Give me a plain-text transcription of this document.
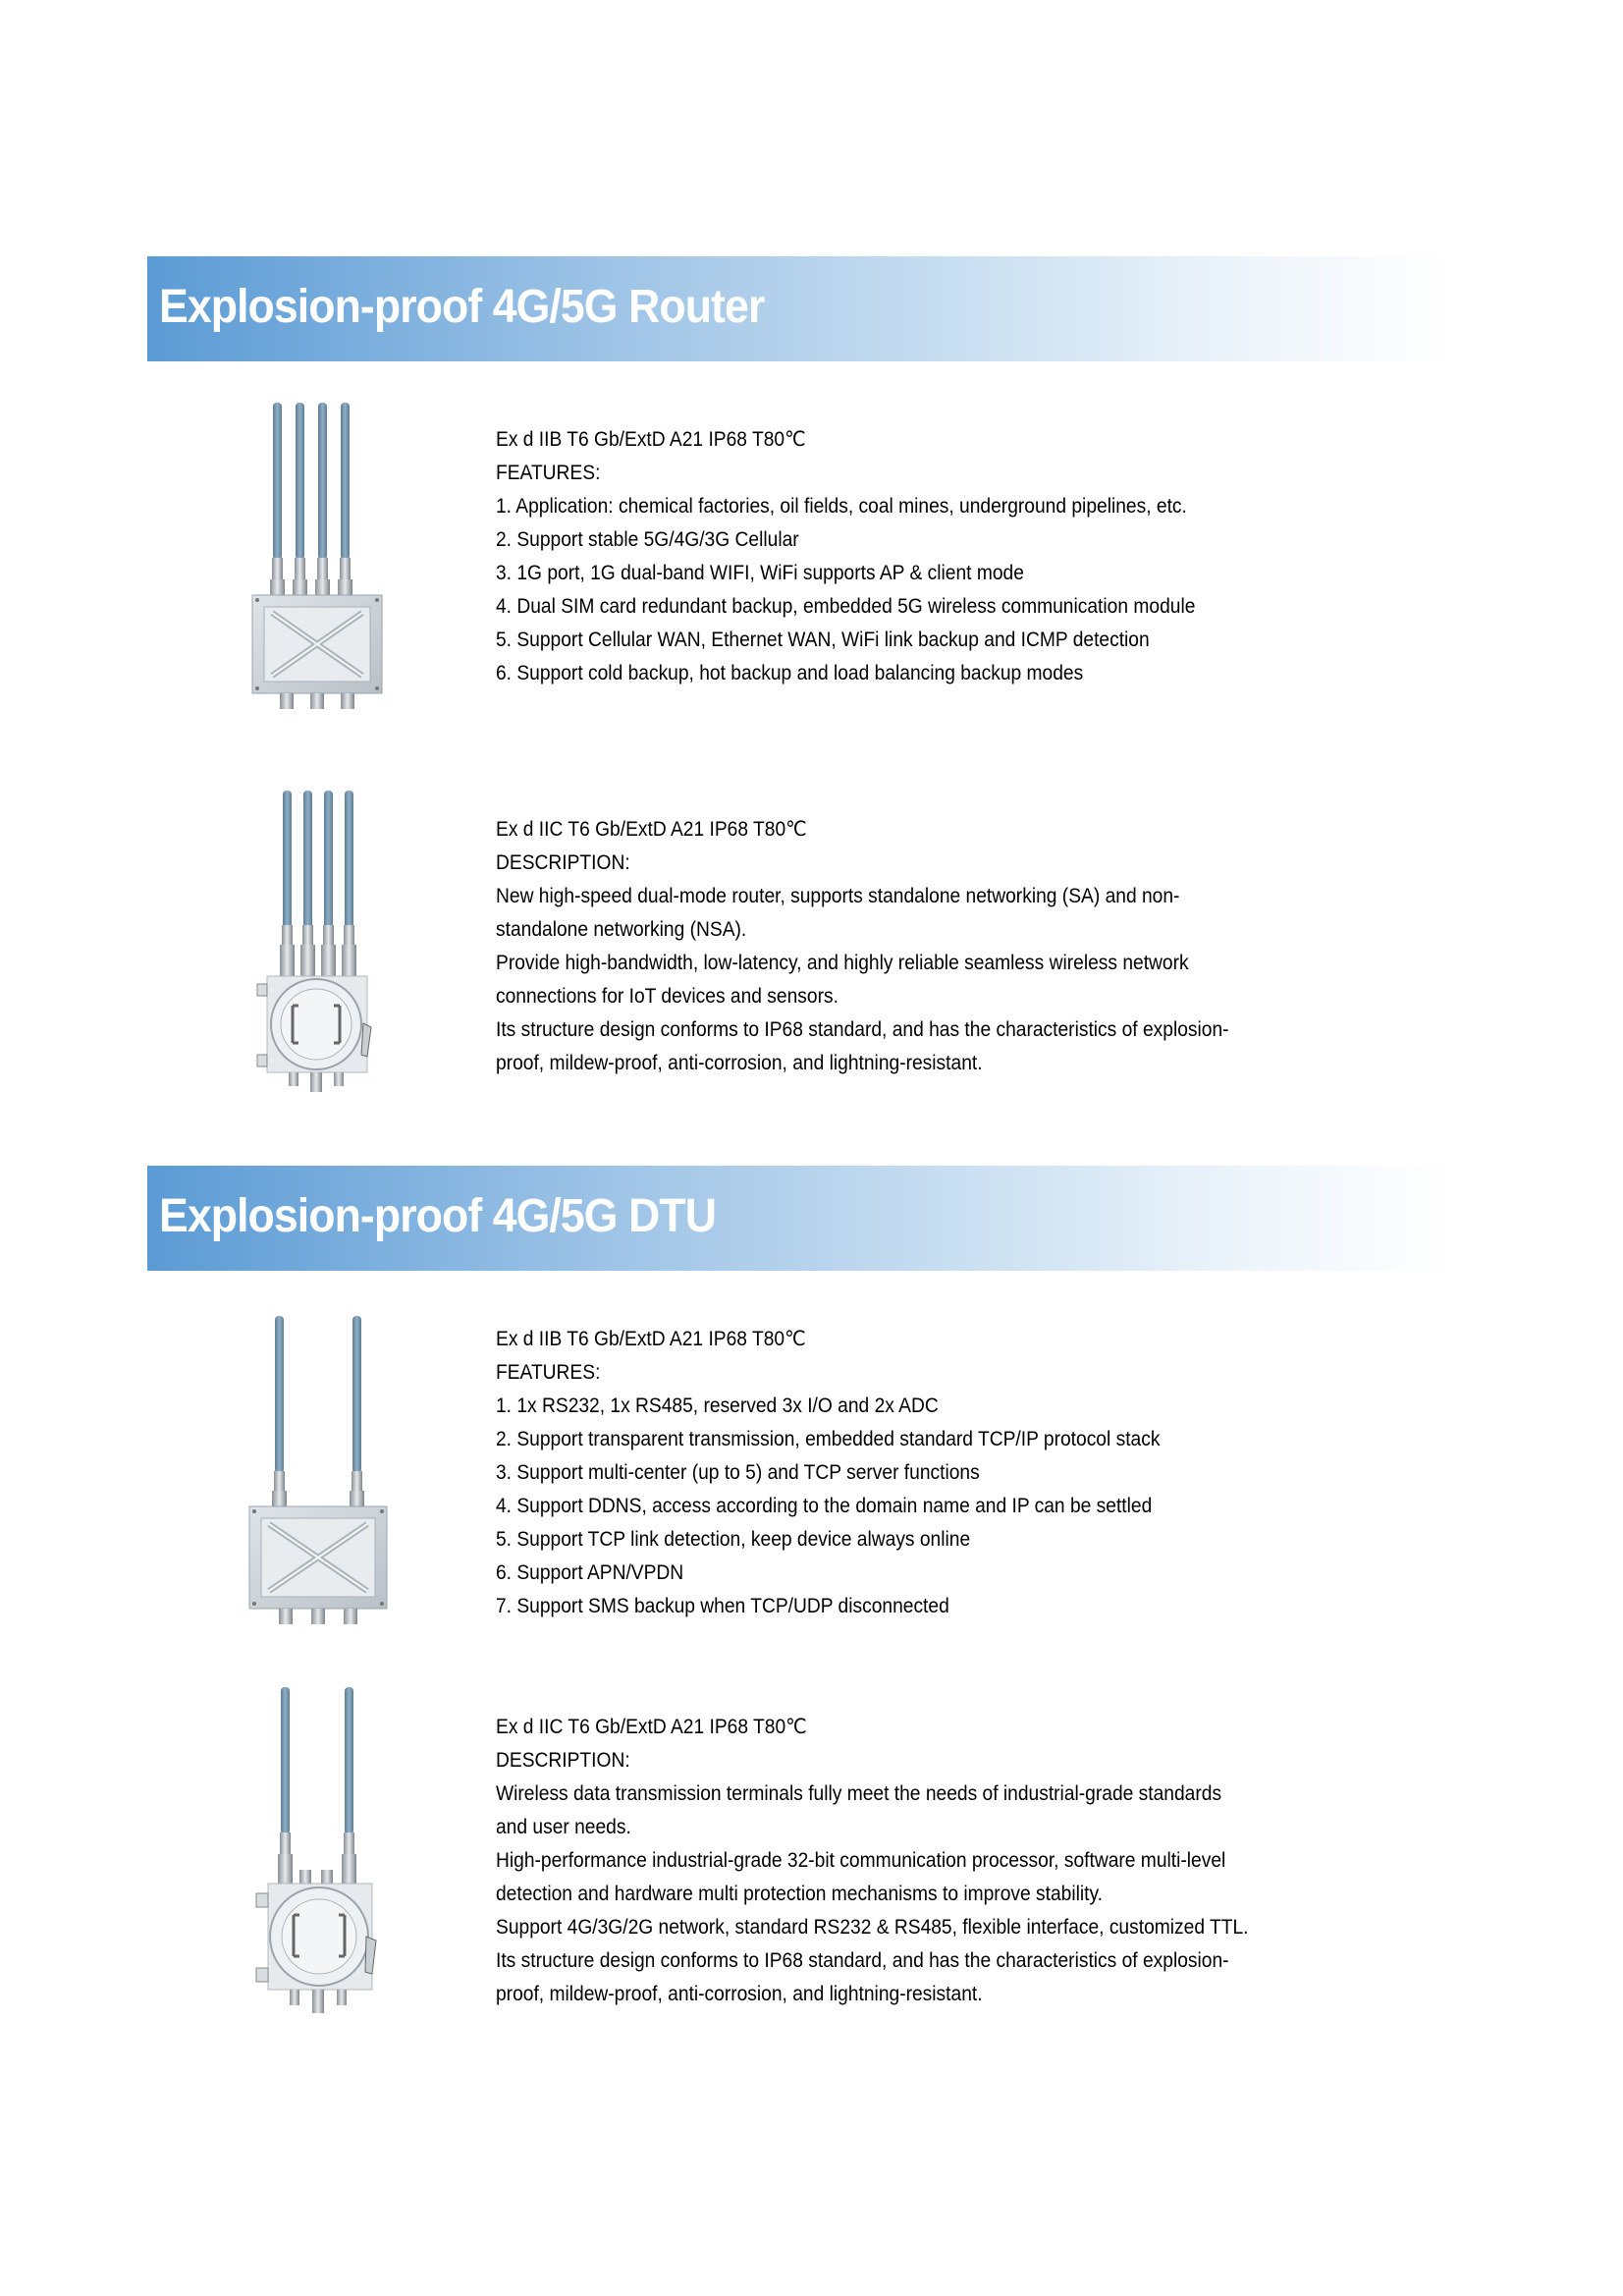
Explosion-proof 4G/5G Router
Ex d IIB T6 Gb/ExtD A21 IP68 T80℃
FEATURES:
1. Application: chemical factories, oil fields, coal mines, underground pipelines, etc.
2. Support stable 5G/4G/3G Cellular
3. 1G port, 1G dual-band WIFI, WiFi supports AP & client mode
4. Dual SIM card redundant backup, embedded 5G wireless communication module
5. Support Cellular WAN, Ethernet WAN, WiFi link backup and ICMP detection
6. Support cold backup, hot backup and load balancing backup modes
Ex d IIC T6 Gb/ExtD A21 IP68 T80℃
DESCRIPTION:
New high-speed dual-mode router, supports standalone networking (SA) and non-
standalone networking (NSA).
Provide high-bandwidth, low-latency, and highly reliable seamless wireless network
connections for IoT devices and sensors.
Its structure design conforms to IP68 standard, and has the characteristics of explosion-
proof, mildew-proof, anti-corrosion, and lightning-resistant.
Explosion-proof 4G/5G DTU
Ex d IIB T6 Gb/ExtD A21 IP68 T80℃
FEATURES:
1. 1x RS232, 1x RS485, reserved 3x I/O and 2x ADC
2. Support transparent transmission, embedded standard TCP/IP protocol stack
3. Support multi-center (up to 5) and TCP server functions
4. Support DDNS, access according to the domain name and IP can be settled
5. Support TCP link detection, keep device always online
6. Support APN/VPDN
7. Support SMS backup when TCP/UDP disconnected
Ex d IIC T6 Gb/ExtD A21 IP68 T80℃
DESCRIPTION:
Wireless data transmission terminals fully meet the needs of industrial-grade standards
and user needs.
High-performance industrial-grade 32-bit communication processor, software multi-level
detection and hardware multi protection mechanisms to improve stability.
Support 4G/3G/2G network, standard RS232 & RS485, flexible interface, customized TTL.
Its structure design conforms to IP68 standard, and has the characteristics of explosion-
proof, mildew-proof, anti-corrosion, and lightning-resistant.
